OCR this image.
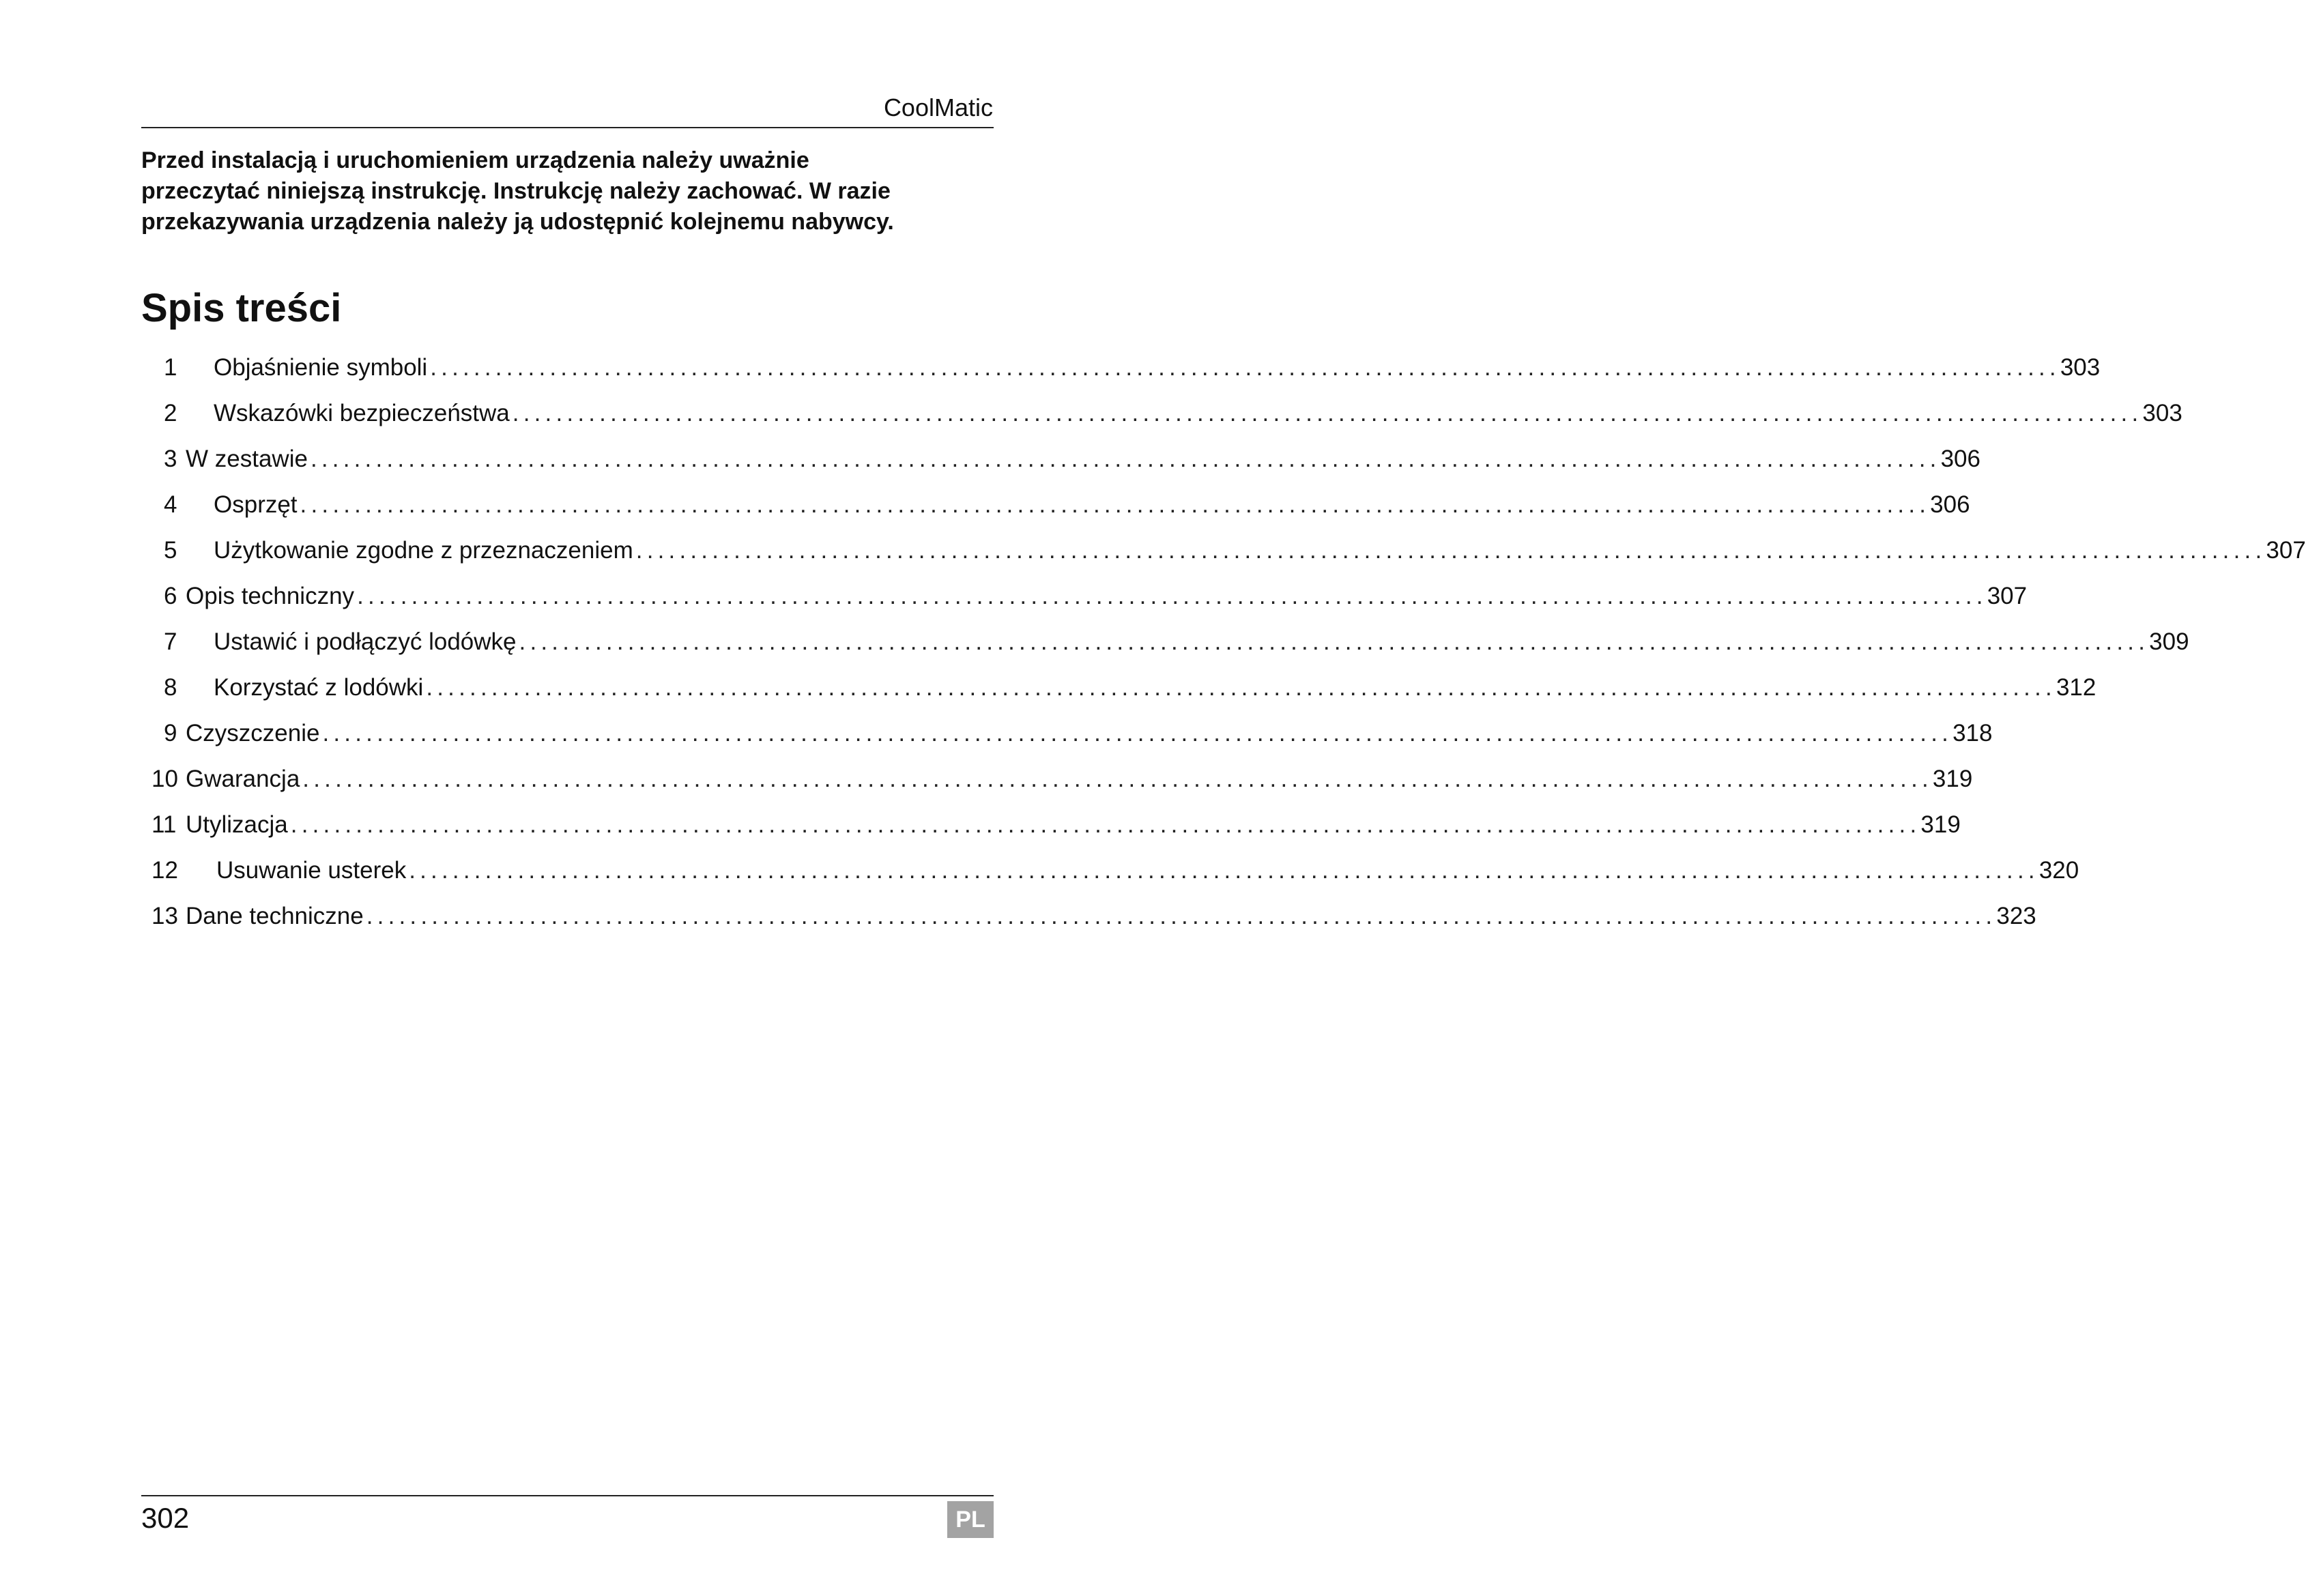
CoolMatic

Przed instalacją i uruchomieniem urządzenia należy uważnie
przeczytać niniejszą instrukcję. Instrukcję należy zachować. W razie
przekazywania urządzenia należy ją udostępnić kolejnemu nabywcy.

Spis treści
1	Objaśnienie symboli ...................................................................................................................................................... 303
2	Wskazówki bezpieczeństwa ...................................................................................................................................................... 303
3 W zestawie ...................................................................................................................................................... 306
4	Osprzęt ...................................................................................................................................................... 306
5	Użytkowanie zgodne z przeznaczeniem ...................................................................................................................................................... 307
6 Opis techniczny ...................................................................................................................................................... 307
7	Ustawić i podłączyć lodówkę ...................................................................................................................................................... 309
8	Korzystać z lodówki ...................................................................................................................................................... 312
9 Czyszczenie ...................................................................................................................................................... 318
10 Gwarancja ...................................................................................................................................................... 319
11 Utylizacja ...................................................................................................................................................... 319
12	Usuwanie usterek ...................................................................................................................................................... 320
13 Dane techniczne ...................................................................................................................................................... 323
302	PL
